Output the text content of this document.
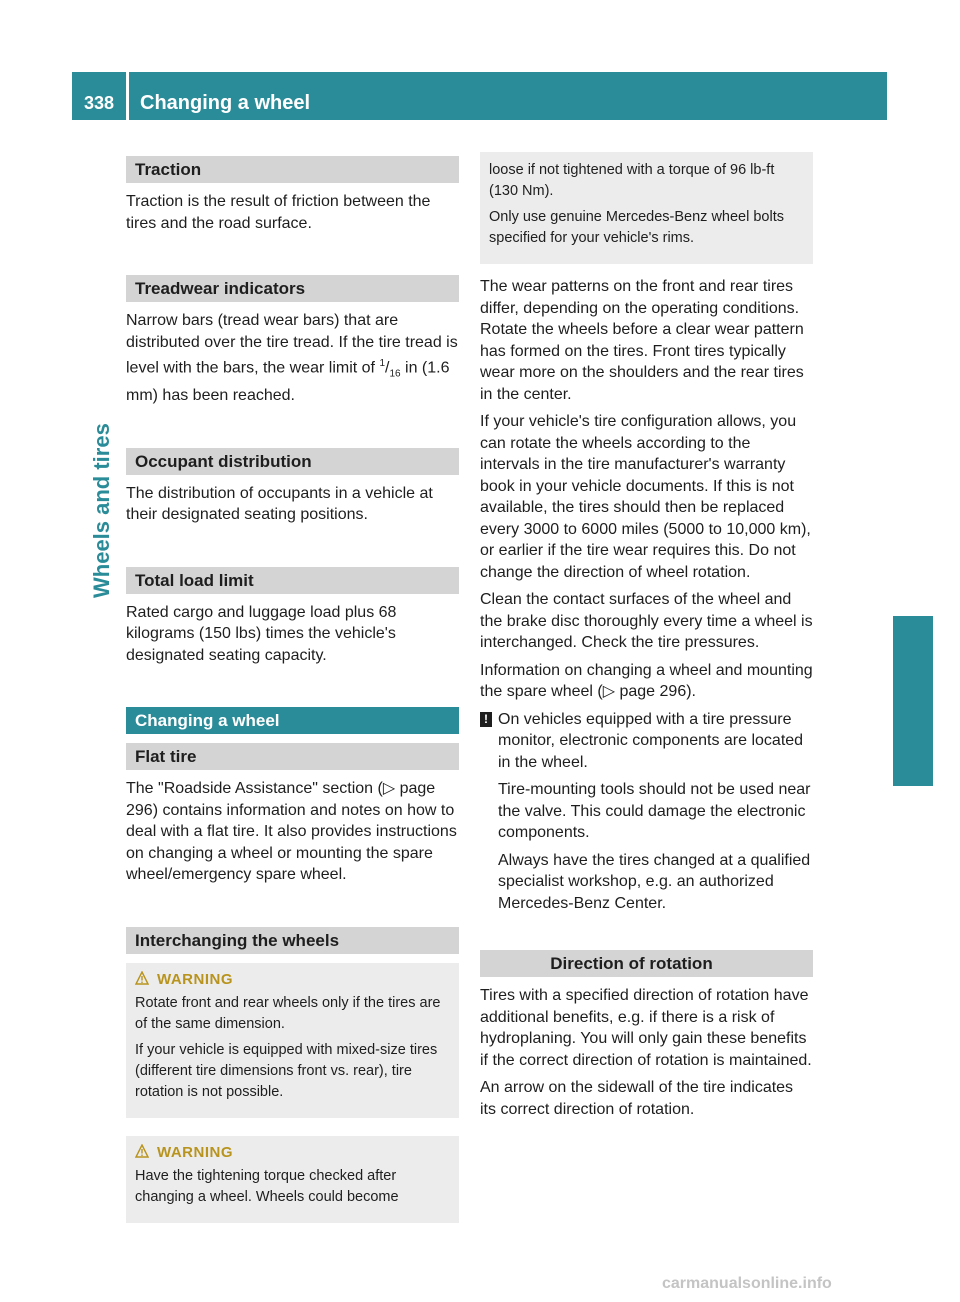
338	Changing a wheel
Wheels and tires
Traction

Traction is the result of friction between the tires and the road surface.

Treadwear indicators

Narrow bars (tread wear bars) that are distributed over the tire tread. If the tire tread is level with the bars, the wear limit of $^1/_{16}$ in (1.6 mm) has been reached.

Occupant distribution

The distribution of occupants in a vehicle at their designated seating positions.

Total load limit

Rated cargo and luggage load plus 68 kilograms (150 lbs) times the vehicle's designated seating capacity.

Changing a wheel
Flat tire

The "Roadside Assistance" section (▷ page 296) contains information and notes on how to deal with a flat tire. It also provides instructions on changing a wheel or mounting the spare wheel/emergency spare wheel.

Interchanging the wheels
WARNING

Rotate front and rear wheels only if the tires are of the same dimension.

If your vehicle is equipped with mixed-size tires (different tire dimensions front vs. rear), tire rotation is not possible.

WARNING

Have the tightening torque checked after changing a wheel. Wheels could become

loose if not tightened with a torque of 96 lb-ft (130 Nm).

Only use genuine Mercedes-Benz wheel bolts specified for your vehicle's rims.

The wear patterns on the front and rear tires differ, depending on the operating conditions. Rotate the wheels before a clear wear pattern has formed on the tires. Front tires typically wear more on the shoulders and the rear tires in the center.

If your vehicle's tire configuration allows, you can rotate the wheels according to the intervals in the tire manufacturer's warranty book in your vehicle documents. If this is not available, the tires should then be replaced every 3000 to 6000 miles (5000 to 10,000 km), or earlier if the tire wear requires this. Do not change the direction of wheel rotation.

Clean the contact surfaces of the wheel and the brake disc thoroughly every time a wheel is interchanged. Check the tire pressures.

Information on changing a wheel and mounting the spare wheel (▷ page 296).

! On vehicles equipped with a tire pressure monitor, electronic components are located in the wheel.

Tire-mounting tools should not be used near the valve. This could damage the electronic components.

Always have the tires changed at a qualified specialist workshop, e.g. an authorized Mercedes-Benz Center.

Direction of rotation

Tires with a specified direction of rotation have additional benefits, e.g. if there is a risk of hydroplaning. You will only gain these benefits if the correct direction of rotation is maintained.

An arrow on the sidewall of the tire indicates its correct direction of rotation.

carmanualsonline.info
